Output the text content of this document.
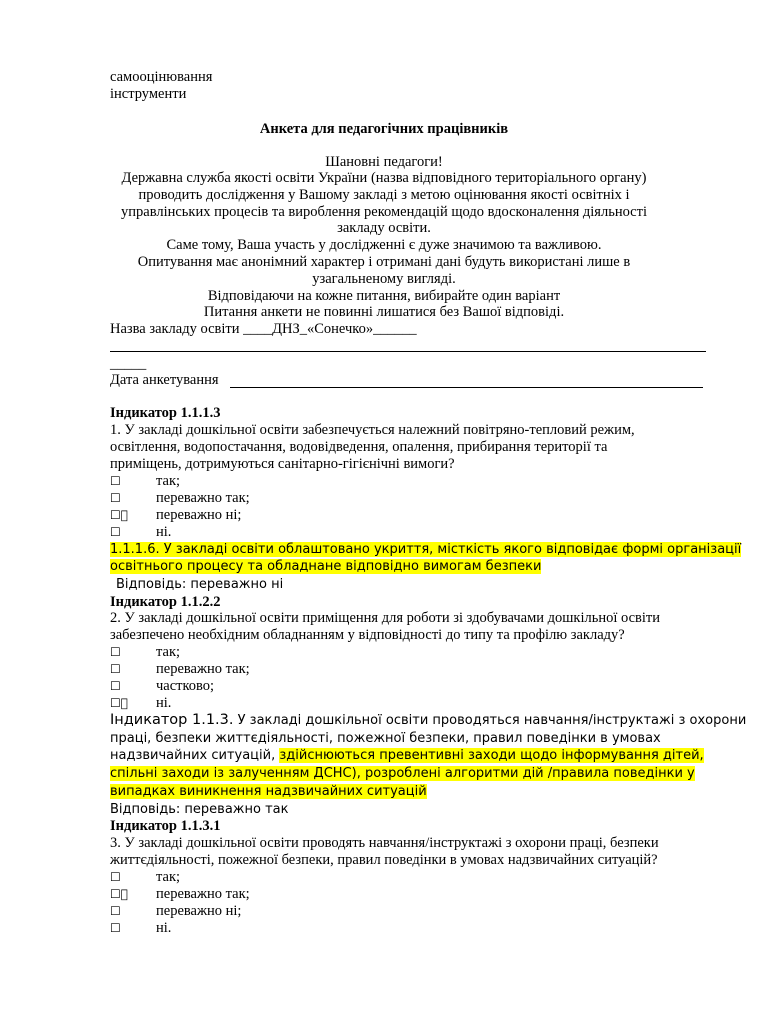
самооцінювання
інструменти
Анкета для педагогічних працівників
Шановні педагоги!
Державна служба якості освіти України (назва відповідного територіального органу)
проводить дослідження у Вашому закладі з метою оцінювання якості освітніх і
управлінських процесів та вироблення рекомендацій щодо вдосконалення діяльності
закладу освіти.
Саме тому, Ваша участь у дослідженні є дуже значимою та важливою.
Опитування має анонімний характер і отримані дані будуть використані лише в
узагальненому вигляді.
Відповідаючи на кожне питання, вибирайте один варіант
Питання анкети не повинні лишатися без Вашої відповіді.
Назва закладу освіти ____ДНЗ_«Сонечко»______
_____
Дата анкетування
Індикатор 1.1.1.3
1. У закладі дошкільної освіти забезпечується належний повітряно-тепловий режим,
освітлення, водопостачання, водовідведення, опалення, прибирання території та
приміщень, дотримуються санітарно-гігієнічні вимоги?
☐ так;
☐ переважно так;
☐⃞ переважно ні;
☐ ні.
1.1.1.6. У закладі освіти облаштовано укриття, місткість якого відповідає формі організації
освітнього процесу та обладнане відповідно вимогам безпеки
Відповідь: переважно ні
Індикатор 1.1.2.2
2. У закладі дошкільної освіти приміщення для роботи зі здобувачами дошкільної освіти
забезпечено необхідним обладнанням у відповідності до типу та профілю закладу?
☐ так;
☐ переважно так;
☐ частково;
☐⃞ ні.
Індикатор 1.1.3. У закладі дошкільної освіти проводяться навчання/інструктажі з охорони
праці, безпеки життєдіяльності, пожежної безпеки, правил поведінки в умовах
надзвичайних ситуацій, здійснюються превентивні заходи щодо інформування дітей,
спільні заходи із залученням ДСНС), розроблені алгоритми дій /правила поведінки у
випадках виникнення надзвичайних ситуацій
Відповідь: переважно так
Індикатор 1.1.3.1
3. У закладі дошкільної освіти проводять навчання/інструктажі з охорони праці, безпеки
життєдіяльності, пожежної безпеки, правил поведінки в умовах надзвичайних ситуацій?
☐ так;
☐⃞ переважно так;
☐ переважно ні;
☐ ні.
